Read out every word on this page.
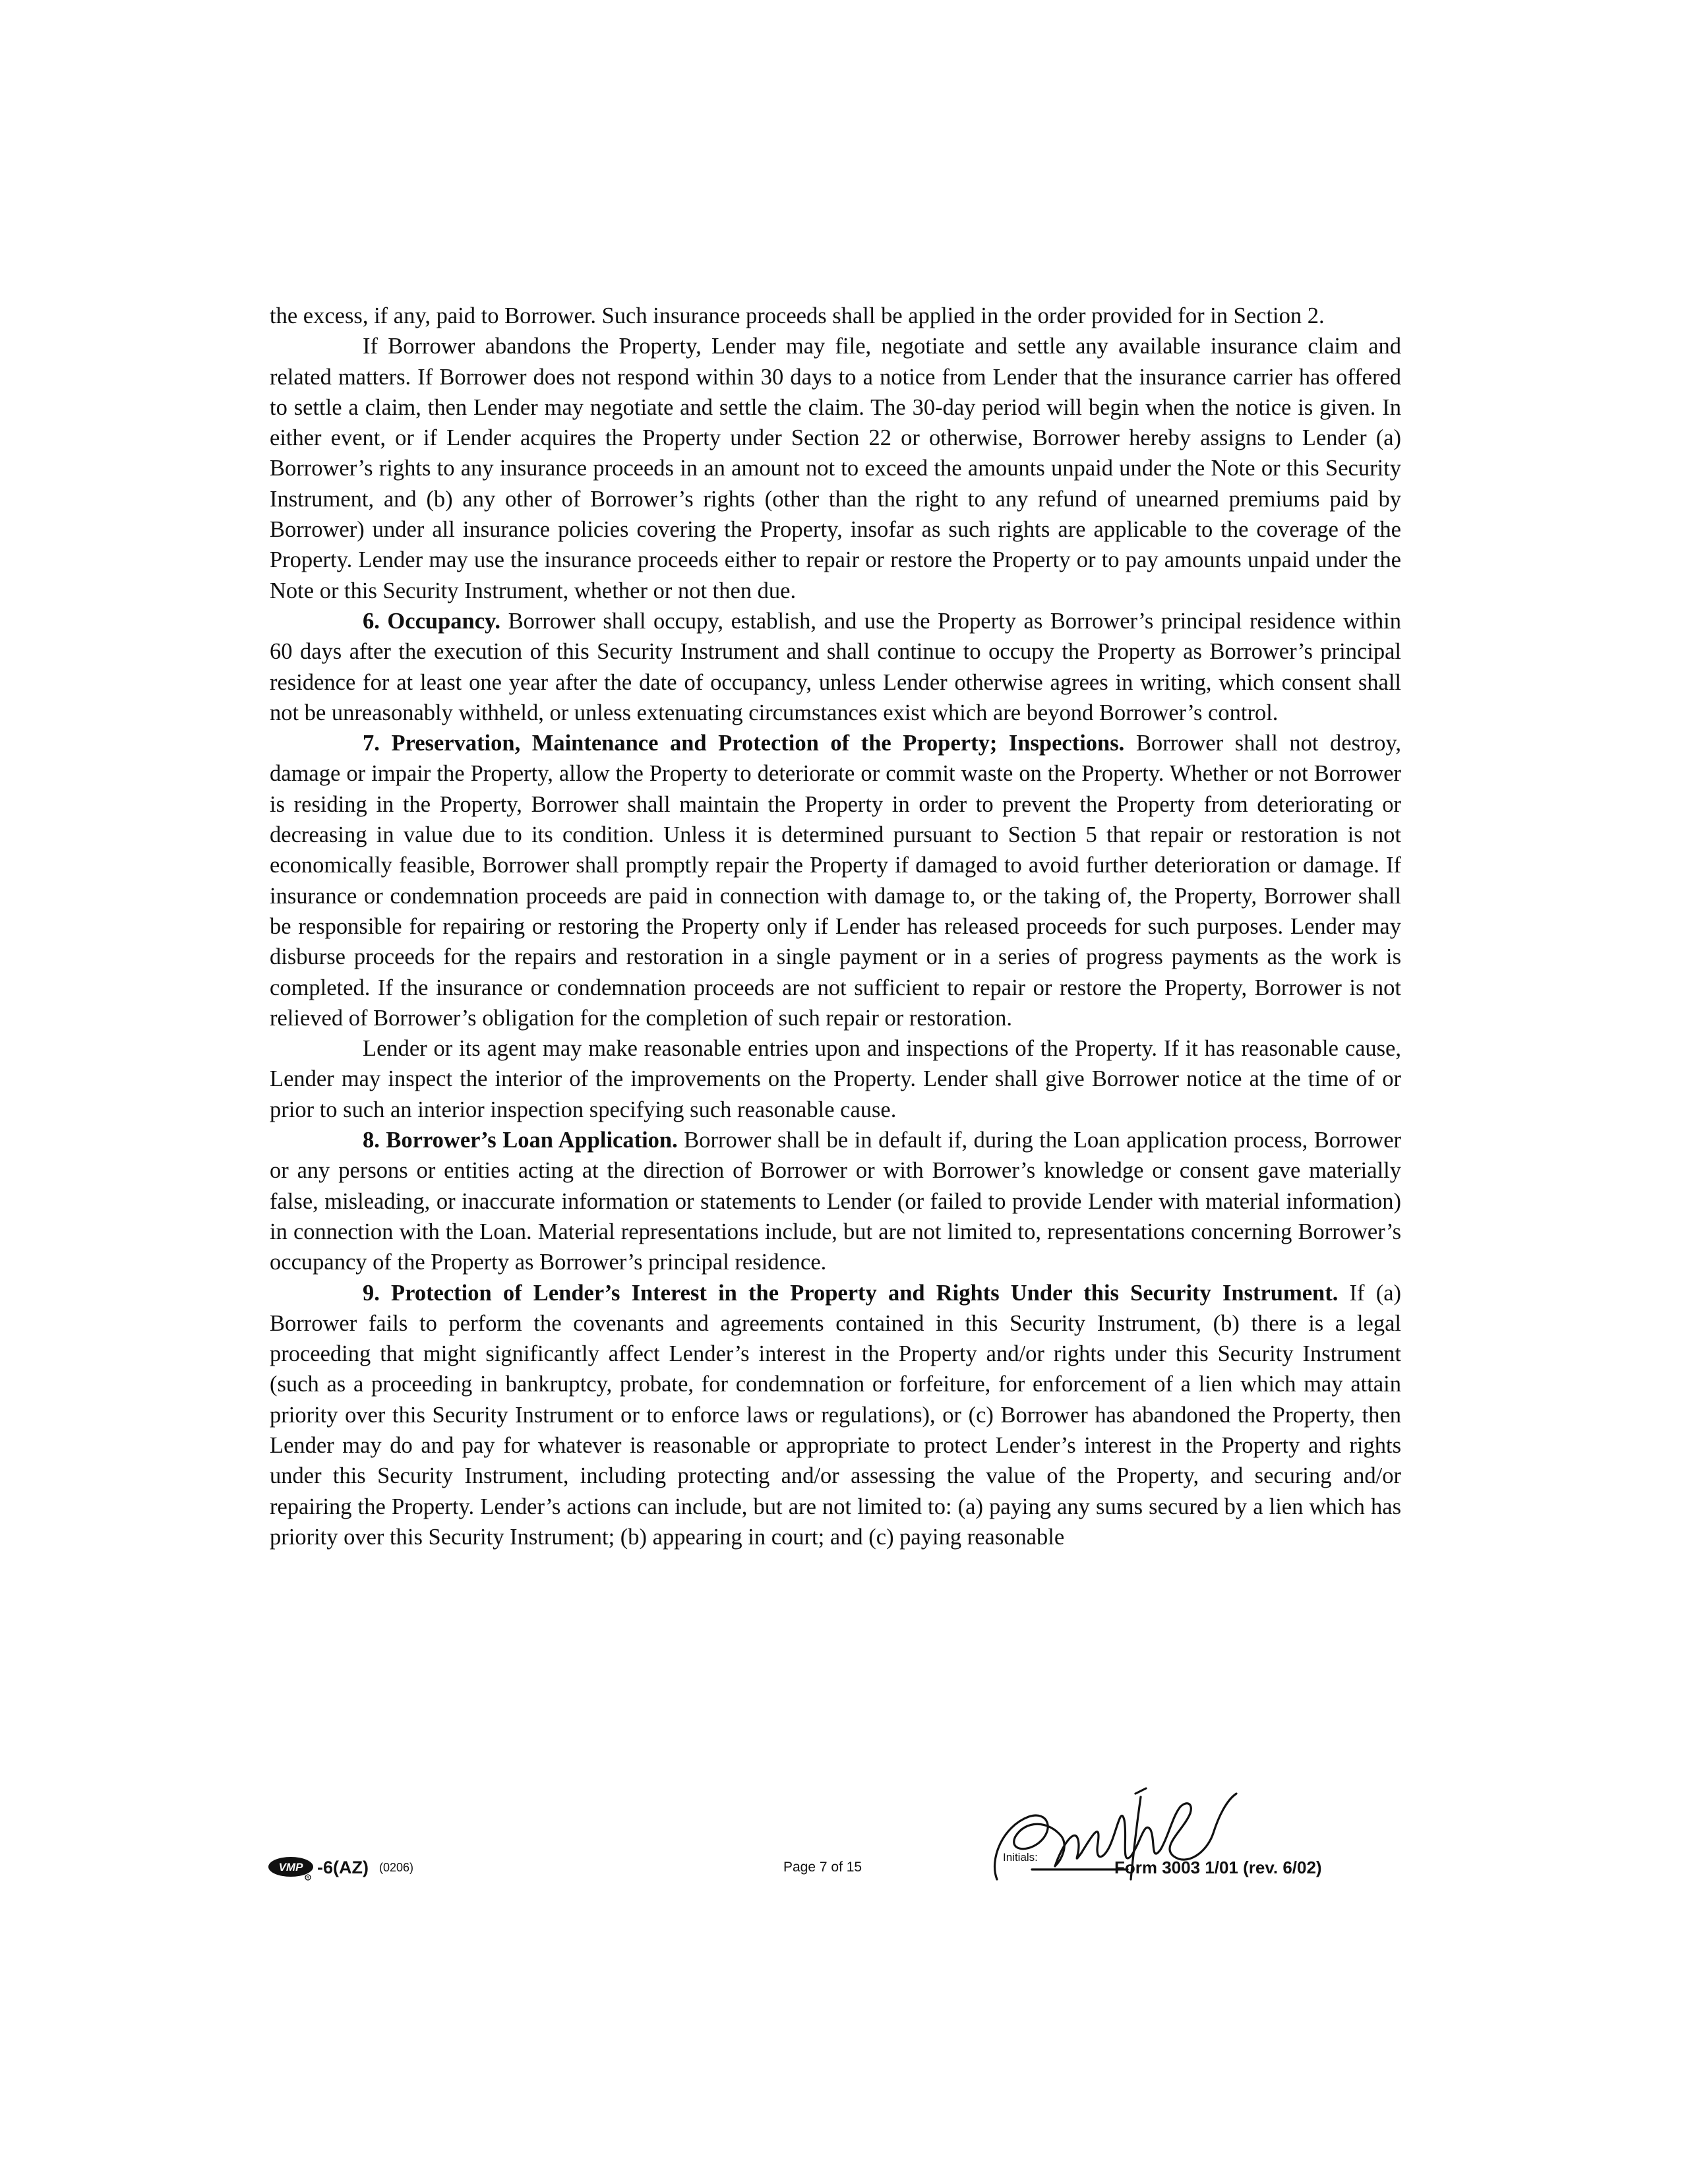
the excess, if any, paid to Borrower. Such insurance proceeds shall be applied in the order provided for in Section 2.

If Borrower abandons the Property, Lender may file, negotiate and settle any available insurance claim and related matters. If Borrower does not respond within 30 days to a notice from Lender that the insurance carrier has offered to settle a claim, then Lender may negotiate and settle the claim. The 30-day period will begin when the notice is given. In either event, or if Lender acquires the Property under Section 22 or otherwise, Borrower hereby assigns to Lender (a) Borrower’s rights to any insurance proceeds in an amount not to exceed the amounts unpaid under the Note or this Security Instrument, and (b) any other of Borrower’s rights (other than the right to any refund of unearned premiums paid by Borrower) under all insurance policies covering the Property, insofar as such rights are applicable to the coverage of the Property. Lender may use the insurance proceeds either to repair or restore the Property or to pay amounts unpaid under the Note or this Security Instrument, whether or not then due.

6. Occupancy. Borrower shall occupy, establish, and use the Property as Borrower’s principal residence within 60 days after the execution of this Security Instrument and shall continue to occupy the Property as Borrower’s principal residence for at least one year after the date of occupancy, unless Lender otherwise agrees in writing, which consent shall not be unreasonably withheld, or unless extenuating circumstances exist which are beyond Borrower’s control.

7. Preservation, Maintenance and Protection of the Property; Inspections. Borrower shall not destroy, damage or impair the Property, allow the Property to deteriorate or commit waste on the Property. Whether or not Borrower is residing in the Property, Borrower shall maintain the Property in order to prevent the Property from deteriorating or decreasing in value due to its condition. Unless it is determined pursuant to Section 5 that repair or restoration is not economically feasible, Borrower shall promptly repair the Property if damaged to avoid further deterioration or damage. If insurance or condemnation proceeds are paid in connection with damage to, or the taking of, the Property, Borrower shall be responsible for repairing or restoring the Property only if Lender has released proceeds for such purposes. Lender may disburse proceeds for the repairs and restoration in a single payment or in a series of progress payments as the work is completed. If the insurance or condemnation proceeds are not sufficient to repair or restore the Property, Borrower is not relieved of Borrower’s obligation for the completion of such repair or restoration.

Lender or its agent may make reasonable entries upon and inspections of the Property. If it has reasonable cause, Lender may inspect the interior of the improvements on the Property. Lender shall give Borrower notice at the time of or prior to such an interior inspection specifying such reasonable cause.

8. Borrower’s Loan Application. Borrower shall be in default if, during the Loan application process, Borrower or any persons or entities acting at the direction of Borrower or with Borrower’s knowledge or consent gave materially false, misleading, or inaccurate information or statements to Lender (or failed to provide Lender with material information) in connection with the Loan. Material representations include, but are not limited to, representations concerning Borrower’s occupancy of the Property as Borrower’s principal residence.

9. Protection of Lender’s Interest in the Property and Rights Under this Security Instrument. If (a) Borrower fails to perform the covenants and agreements contained in this Security Instrument, (b) there is a legal proceeding that might significantly affect Lender’s interest in the Property and/or rights under this Security Instrument (such as a proceeding in bankruptcy, probate, for condemnation or forfeiture, for enforcement of a lien which may attain priority over this Security Instrument or to enforce laws or regulations), or (c) Borrower has abandoned the Property, then Lender may do and pay for whatever is reasonable or appropriate to protect Lender’s interest in the Property and rights under this Security Instrument, including protecting and/or assessing the value of the Property, and securing and/or repairing the Property. Lender’s actions can include, but are not limited to: (a) paying any sums secured by a lien which has priority over this Security Instrument; (b) appearing in court; and (c) paying reasonable

VMP
R
-6(AZ) (0206)	Page 7 of 15
Initials:
Form 3003 1/01 (rev. 6/02)
